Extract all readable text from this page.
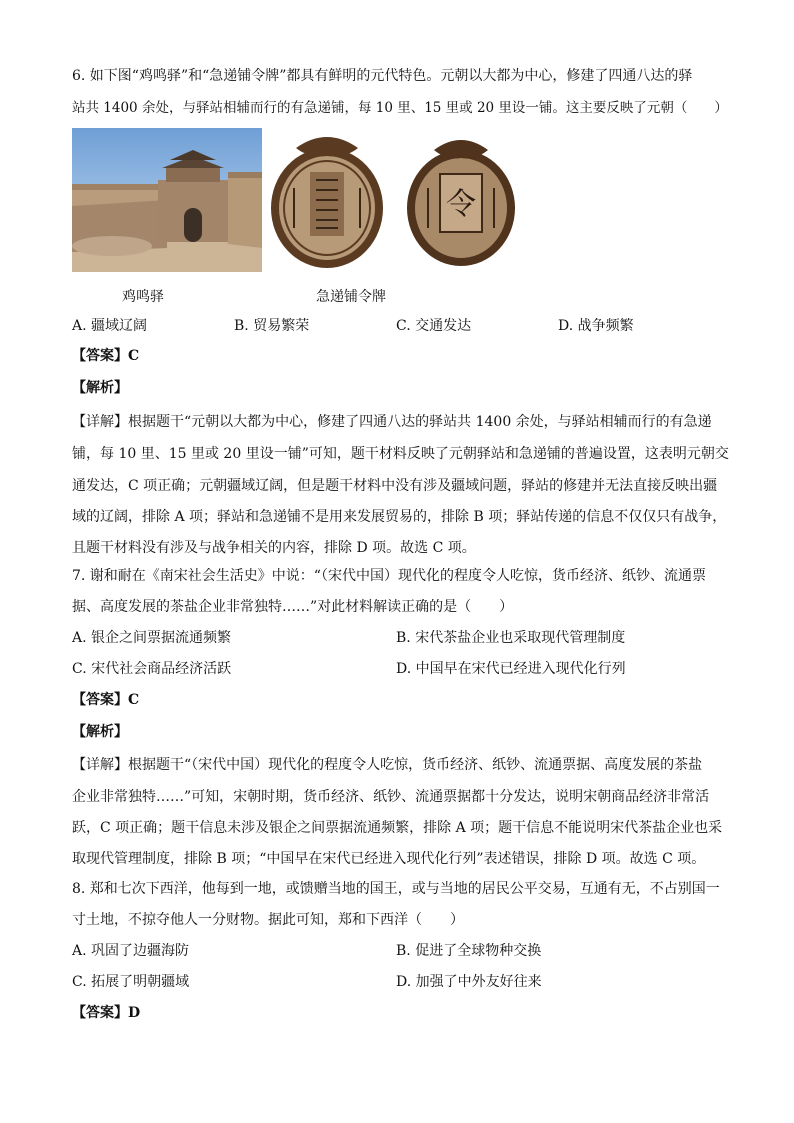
6. 如下图“鸡鸣驿”和“急递铺令牌”都具有鲜明的元代特色。元朝以大都为中心，修建了四通八达的驿
站共 1400 余处，与驿站相辅而行的有急递铺，每 10 里、15 里或 20 里设一铺。这主要反映了元朝（　　）
令
鸡鸣驿	急递铺令牌
A. 疆域辽阔	B. 贸易繁荣	C. 交通发达	D. 战争频繁
【答案】C
【解析】
【详解】根据题干“元朝以大都为中心，修建了四通八达的驿站共 1400 余处，与驿站相辅而行的有急递
铺，每 10 里、15 里或 20 里设一铺”可知，题干材料反映了元朝驿站和急递铺的普遍设置，这表明元朝交
通发达，C 项正确；元朝疆域辽阔，但是题干材料中没有涉及疆域问题，驿站的修建并无法直接反映出疆
域的辽阔，排除 A 项；驿站和急递铺不是用来发展贸易的，排除 B 项；驿站传递的信息不仅仅只有战争，
且题干材料没有涉及与战争相关的内容，排除 D 项。故选 C 项。
7. 谢和耐在《南宋社会生活史》中说：“（宋代中国）现代化的程度令人吃惊，货币经济、纸钞、流通票
据、高度发展的茶盐企业非常独特……”对此材料解读正确的是（　　）
A. 银企之间票据流通频繁	B. 宋代茶盐企业也采取现代管理制度
C. 宋代社会商品经济活跃	D. 中国早在宋代已经进入现代化行列
【答案】C
【解析】
【详解】根据题干“（宋代中国）现代化的程度令人吃惊，货币经济、纸钞、流通票据、高度发展的茶盐
企业非常独特……”可知，宋朝时期，货币经济、纸钞、流通票据都十分发达，说明宋朝商品经济非常活
跃，C 项正确；题干信息未涉及银企之间票据流通频繁，排除 A 项；题干信息不能说明宋代茶盐企业也采
取现代管理制度，排除 B 项；“中国早在宋代已经进入现代化行列”表述错误，排除 D 项。故选 C 项。
8. 郑和七次下西洋，他每到一地，或馈赠当地的国王，或与当地的居民公平交易，互通有无，不占别国一
寸土地，不掠夺他人一分财物。据此可知，郑和下西洋（　　）
A. 巩固了边疆海防	B. 促进了全球物种交换
C. 拓展了明朝疆域	D. 加强了中外友好往来
【答案】D
